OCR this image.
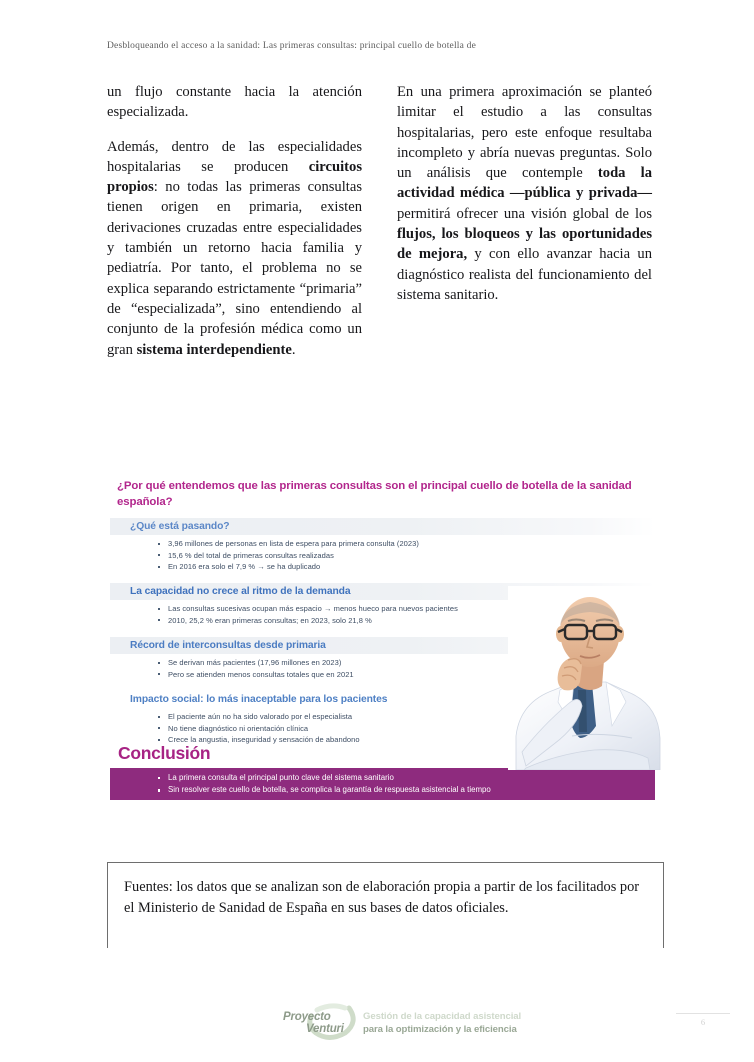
Desbloqueando el acceso a la sanidad: Las primeras consultas: principal cuello de botella de

un flujo constante hacia la atención especializada.

Además, dentro de las especialidades hospitalarias se producen circuitos propios: no todas las primeras consultas tienen origen en primaria, existen derivaciones cruzadas entre especialidades y también un retorno hacia familia y pediatría. Por tanto, el problema no se explica separando estrictamente “primaria” de “especializada”, sino entendiendo al conjunto de la profesión médica como un gran sistema interdependiente.

En una primera aproximación se planteó limitar el estudio a las consultas hospitalarias, pero este enfoque resultaba incompleto y abría nuevas preguntas. Solo un análisis que contemple toda la actividad médica —pública y privada— permitirá ofrecer una visión global de los flujos, los bloqueos y las oportunidades de mejora, y con ello avanzar hacia un diagnóstico realista del funcionamiento del sistema sanitario.

¿Por qué entendemos que las primeras consultas son el principal cuello de botella de la sanidad española?
¿Qué está pasando?
3,96 millones de personas en lista de espera para primera consulta (2023)
15,6 % del total de primeras consultas realizadas
En 2016 era solo el 7,9 % → se ha duplicado
La capacidad no crece al ritmo de la demanda
Las consultas sucesivas ocupan más espacio → menos hueco para nuevos pacientes
2010, 25,2 % eran primeras consultas; en 2023, solo 21,8 %
Récord de interconsultas desde primaria
Se derivan más pacientes (17,96 millones en 2023)
Pero se atienden menos consultas totales que en 2021
Impacto social: lo más inaceptable para los pacientes
El paciente aún no ha sido valorado por el especialista
No tiene diagnóstico ni orientación clínica
Crece la angustia, inseguridad y sensación de abandono
Conclusión
La primera consulta el principal punto clave del sistema sanitario
Sin resolver este cuello de botella, se complica la garantía de respuesta asistencial a tiempo

Fuentes: los datos que se analizan son de elaboración propia a partir de los facilitados por el Ministerio de Sanidad de España en sus bases de datos oficiales.

Proyecto
Venturi
Gestión de la capacidad asistencial
para la optimización y la eficiencia
6
